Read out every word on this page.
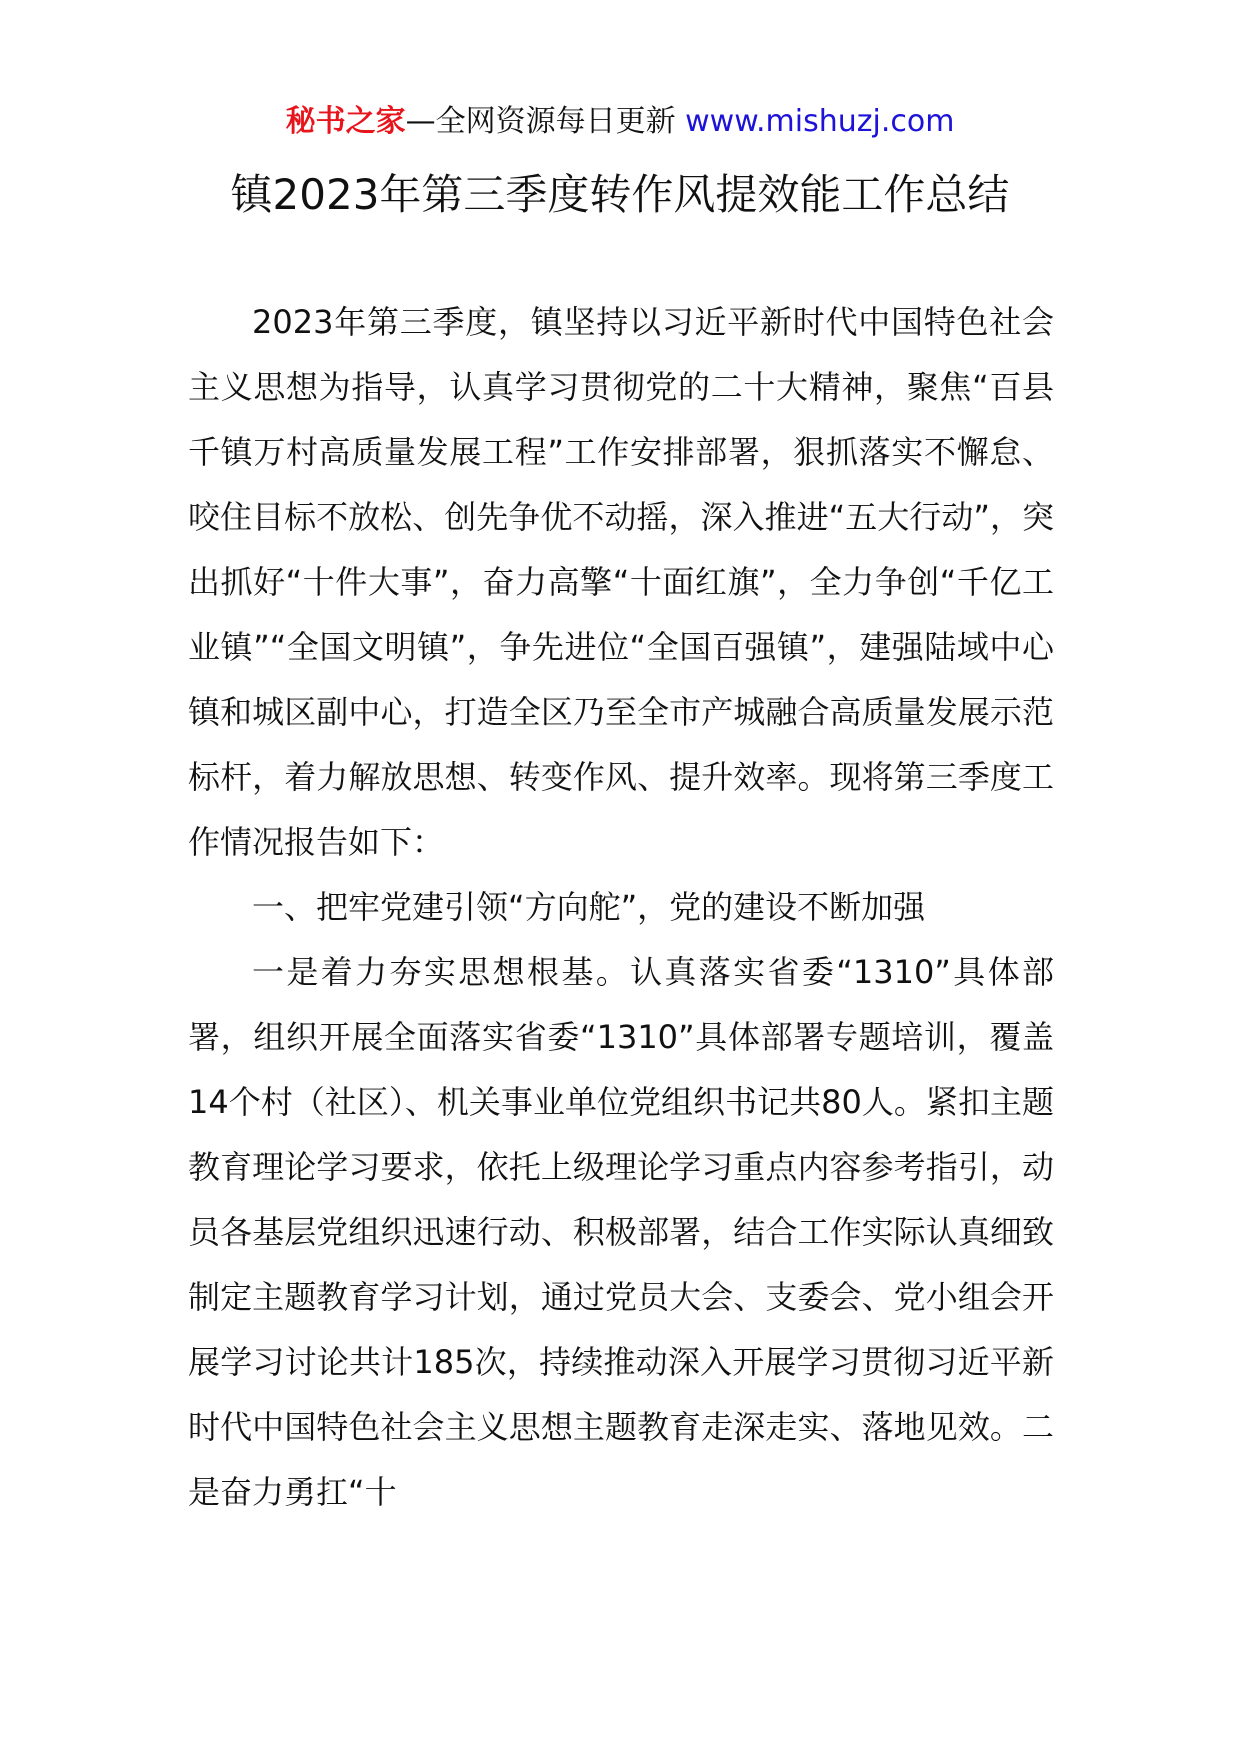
秘书之家—全网资源每日更新 www.mishuzj.com
镇2023年第三季度转作风提效能工作总结

2023年第三季度，镇坚持以习近平新时代中国特色社会主义思想为指导，认真学习贯彻党的二十大精神，聚焦“百县千镇万村高质量发展工程”工作安排部署，狠抓落实不懈怠、咬住目标不放松、创先争优不动摇，深入推进“五大行动”，突出抓好“十件大事”，奋力高擎“十面红旗”，全力争创“千亿工业镇”“全国文明镇”，争先进位“全国百强镇”，建强陆域中心镇和城区副中心，打造全区乃至全市产城融合高质量发展示范标杆，着力解放思想、转变作风、提升效率。现将第三季度工作情况报告如下：

一、把牢党建引领“方向舵”，党的建设不断加强

一是着力夯实思想根基。认真落实省委“1310”具体部署，组织开展全面落实省委“1310”具体部署专题培训，覆盖14个村（社区）、机关事业单位党组织书记共80人。紧扣主题教育理论学习要求，依托上级理论学习重点内容参考指引，动员各基层党组织迅速行动、积极部署，结合工作实际认真细致制定主题教育学习计划，通过党员大会、支委会、党小组会开展学习讨论共计185次，持续推动深入开展学习贯彻习近平新时代中国特色社会主义思想主题教育走深走实、落地见效。二是奋力勇扛“十
